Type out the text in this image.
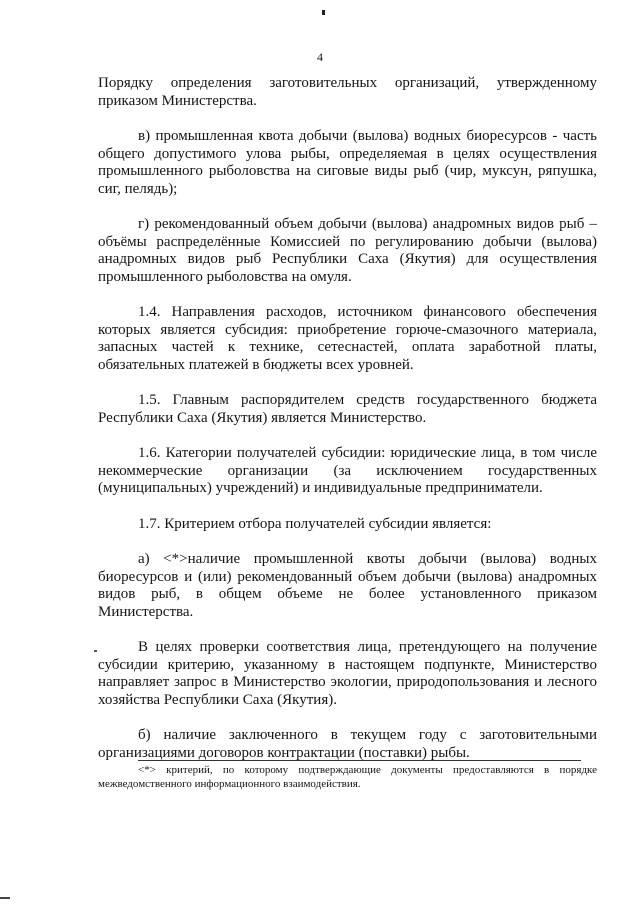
4

Порядку определения заготовительных организаций, утвержденному приказом Министерства.

в) промышленная квота добычи (вылова) водных биоресурсов - часть общего допустимого улова рыбы, определяемая в целях осуществления промышленного рыболовства на сиговые виды рыб (чир, муксун, ряпушка, сиг, пелядь);

г) рекомендованный объем добычи (вылова) анадромных видов рыб – объёмы распределённые Комиссией по регулированию добычи (вылова) анадромных видов рыб Республики Саха (Якутия) для осуществления промышленного рыболовства на омуля.

1.4. Направления расходов, источником финансового обеспечения которых является субсидия: приобретение горюче-смазочного материала, запасных частей к технике, сетеснастей, оплата заработной платы, обязательных платежей в бюджеты всех уровней.

1.5. Главным распорядителем средств государственного бюджета Республики Саха (Якутия) является Министерство.

1.6. Категории получателей субсидии: юридические лица, в том числе некоммерческие организации (за исключением государственных (муниципальных) учреждений) и индивидуальные предприниматели.

1.7. Критерием отбора получателей субсидии является:

а) <*>наличие промышленной квоты добычи (вылова) водных биоресурсов и (или) рекомендованный объем добычи (вылова) анадромных видов рыб, в общем объеме не более установленного приказом Министерства.

В целях проверки соответствия лица, претендующего на получение субсидии критерию, указанному в настоящем подпункте, Министерство направляет запрос в Министерство экологии, природопользования и лесного хозяйства Республики Саха (Якутия).

б) наличие заключенного в текущем году с заготовительными организациями договоров контрактации (поставки) рыбы.

<*> критерий, по которому подтверждающие документы предоставляются в порядке межведомственного информационного взаимодействия.
